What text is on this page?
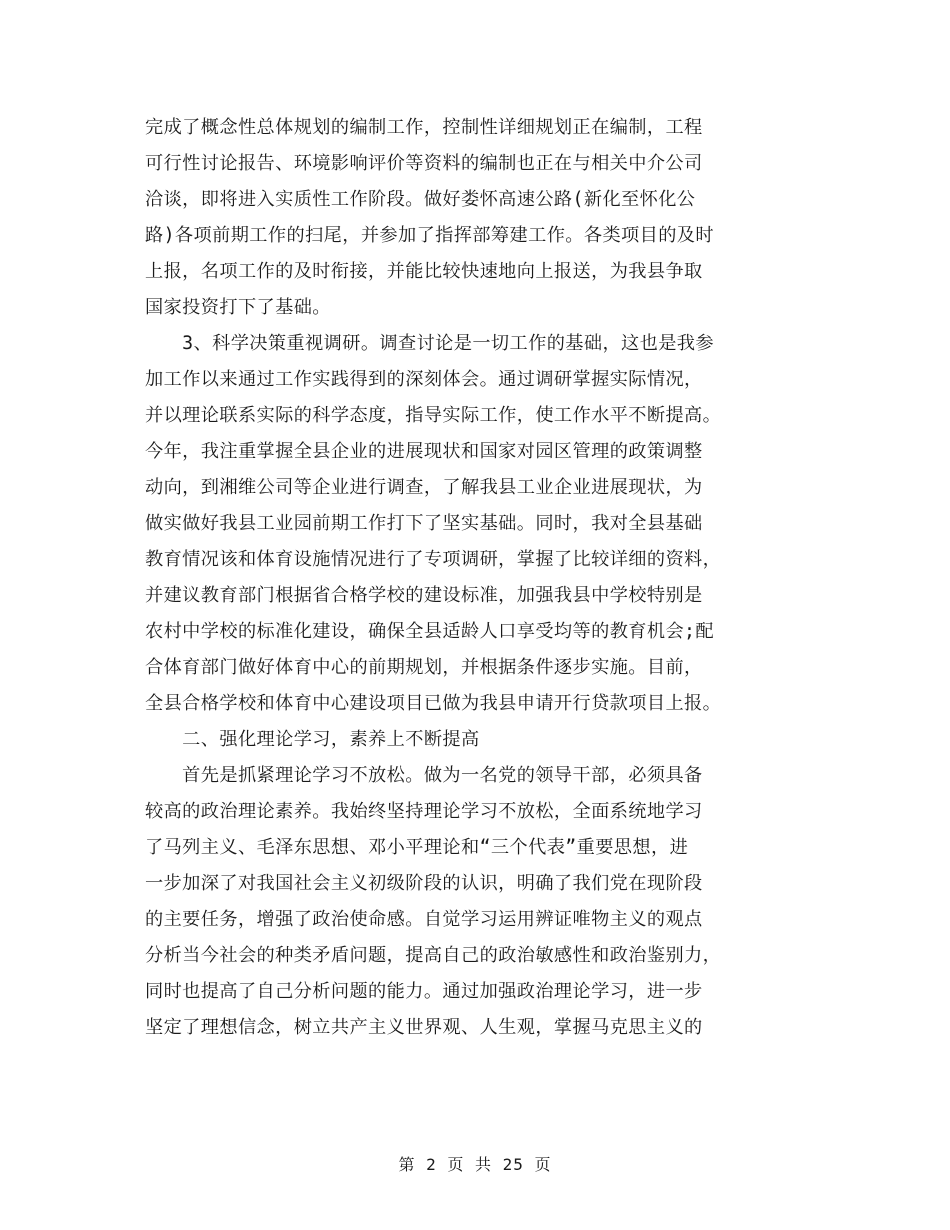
完成了概念性总体规划的编制工作，控制性详细规划正在编制，工程
可行性讨论报告、环境影响评价等资料的编制也正在与相关中介公司
洽谈，即将进入实质性工作阶段。做好娄怀高速公路(新化至怀化公
路)各项前期工作的扫尾，并参加了指挥部筹建工作。各类项目的及时
上报，名项工作的及时衔接，并能比较快速地向上报送，为我县争取
国家投资打下了基础。
　　3、科学决策重视调研。调查讨论是一切工作的基础，这也是我参
加工作以来通过工作实践得到的深刻体会。通过调研掌握实际情况，
并以理论联系实际的科学态度，指导实际工作，使工作水平不断提高。
今年，我注重掌握全县企业的进展现状和国家对园区管理的政策调整
动向，到湘维公司等企业进行调查，了解我县工业企业进展现状，为
做实做好我县工业园前期工作打下了坚实基础。同时，我对全县基础
教育情况该和体育设施情况进行了专项调研，掌握了比较详细的资料，
并建议教育部门根据省合格学校的建设标准，加强我县中学校特别是
农村中学校的标准化建设，确保全县适龄人口享受均等的教育机会;配
合体育部门做好体育中心的前期规划，并根据条件逐步实施。目前，
全县合格学校和体育中心建设项目已做为我县申请开行贷款项目上报。
　　二、强化理论学习，素养上不断提高
　　首先是抓紧理论学习不放松。做为一名党的领导干部，必须具备
较高的政治理论素养。我始终坚持理论学习不放松，全面系统地学习
了马列主义、毛泽东思想、邓小平理论和“三个代表”重要思想，进
一步加深了对我国社会主义初级阶段的认识，明确了我们党在现阶段
的主要任务，增强了政治使命感。自觉学习运用辨证唯物主义的观点
分析当今社会的种类矛盾问题，提高自己的政治敏感性和政治鉴别力，
同时也提高了自己分析问题的能力。通过加强政治理论学习，进一步
坚定了理想信念，树立共产主义世界观、人生观，掌握马克思主义的
第 2 页 共 25 页
